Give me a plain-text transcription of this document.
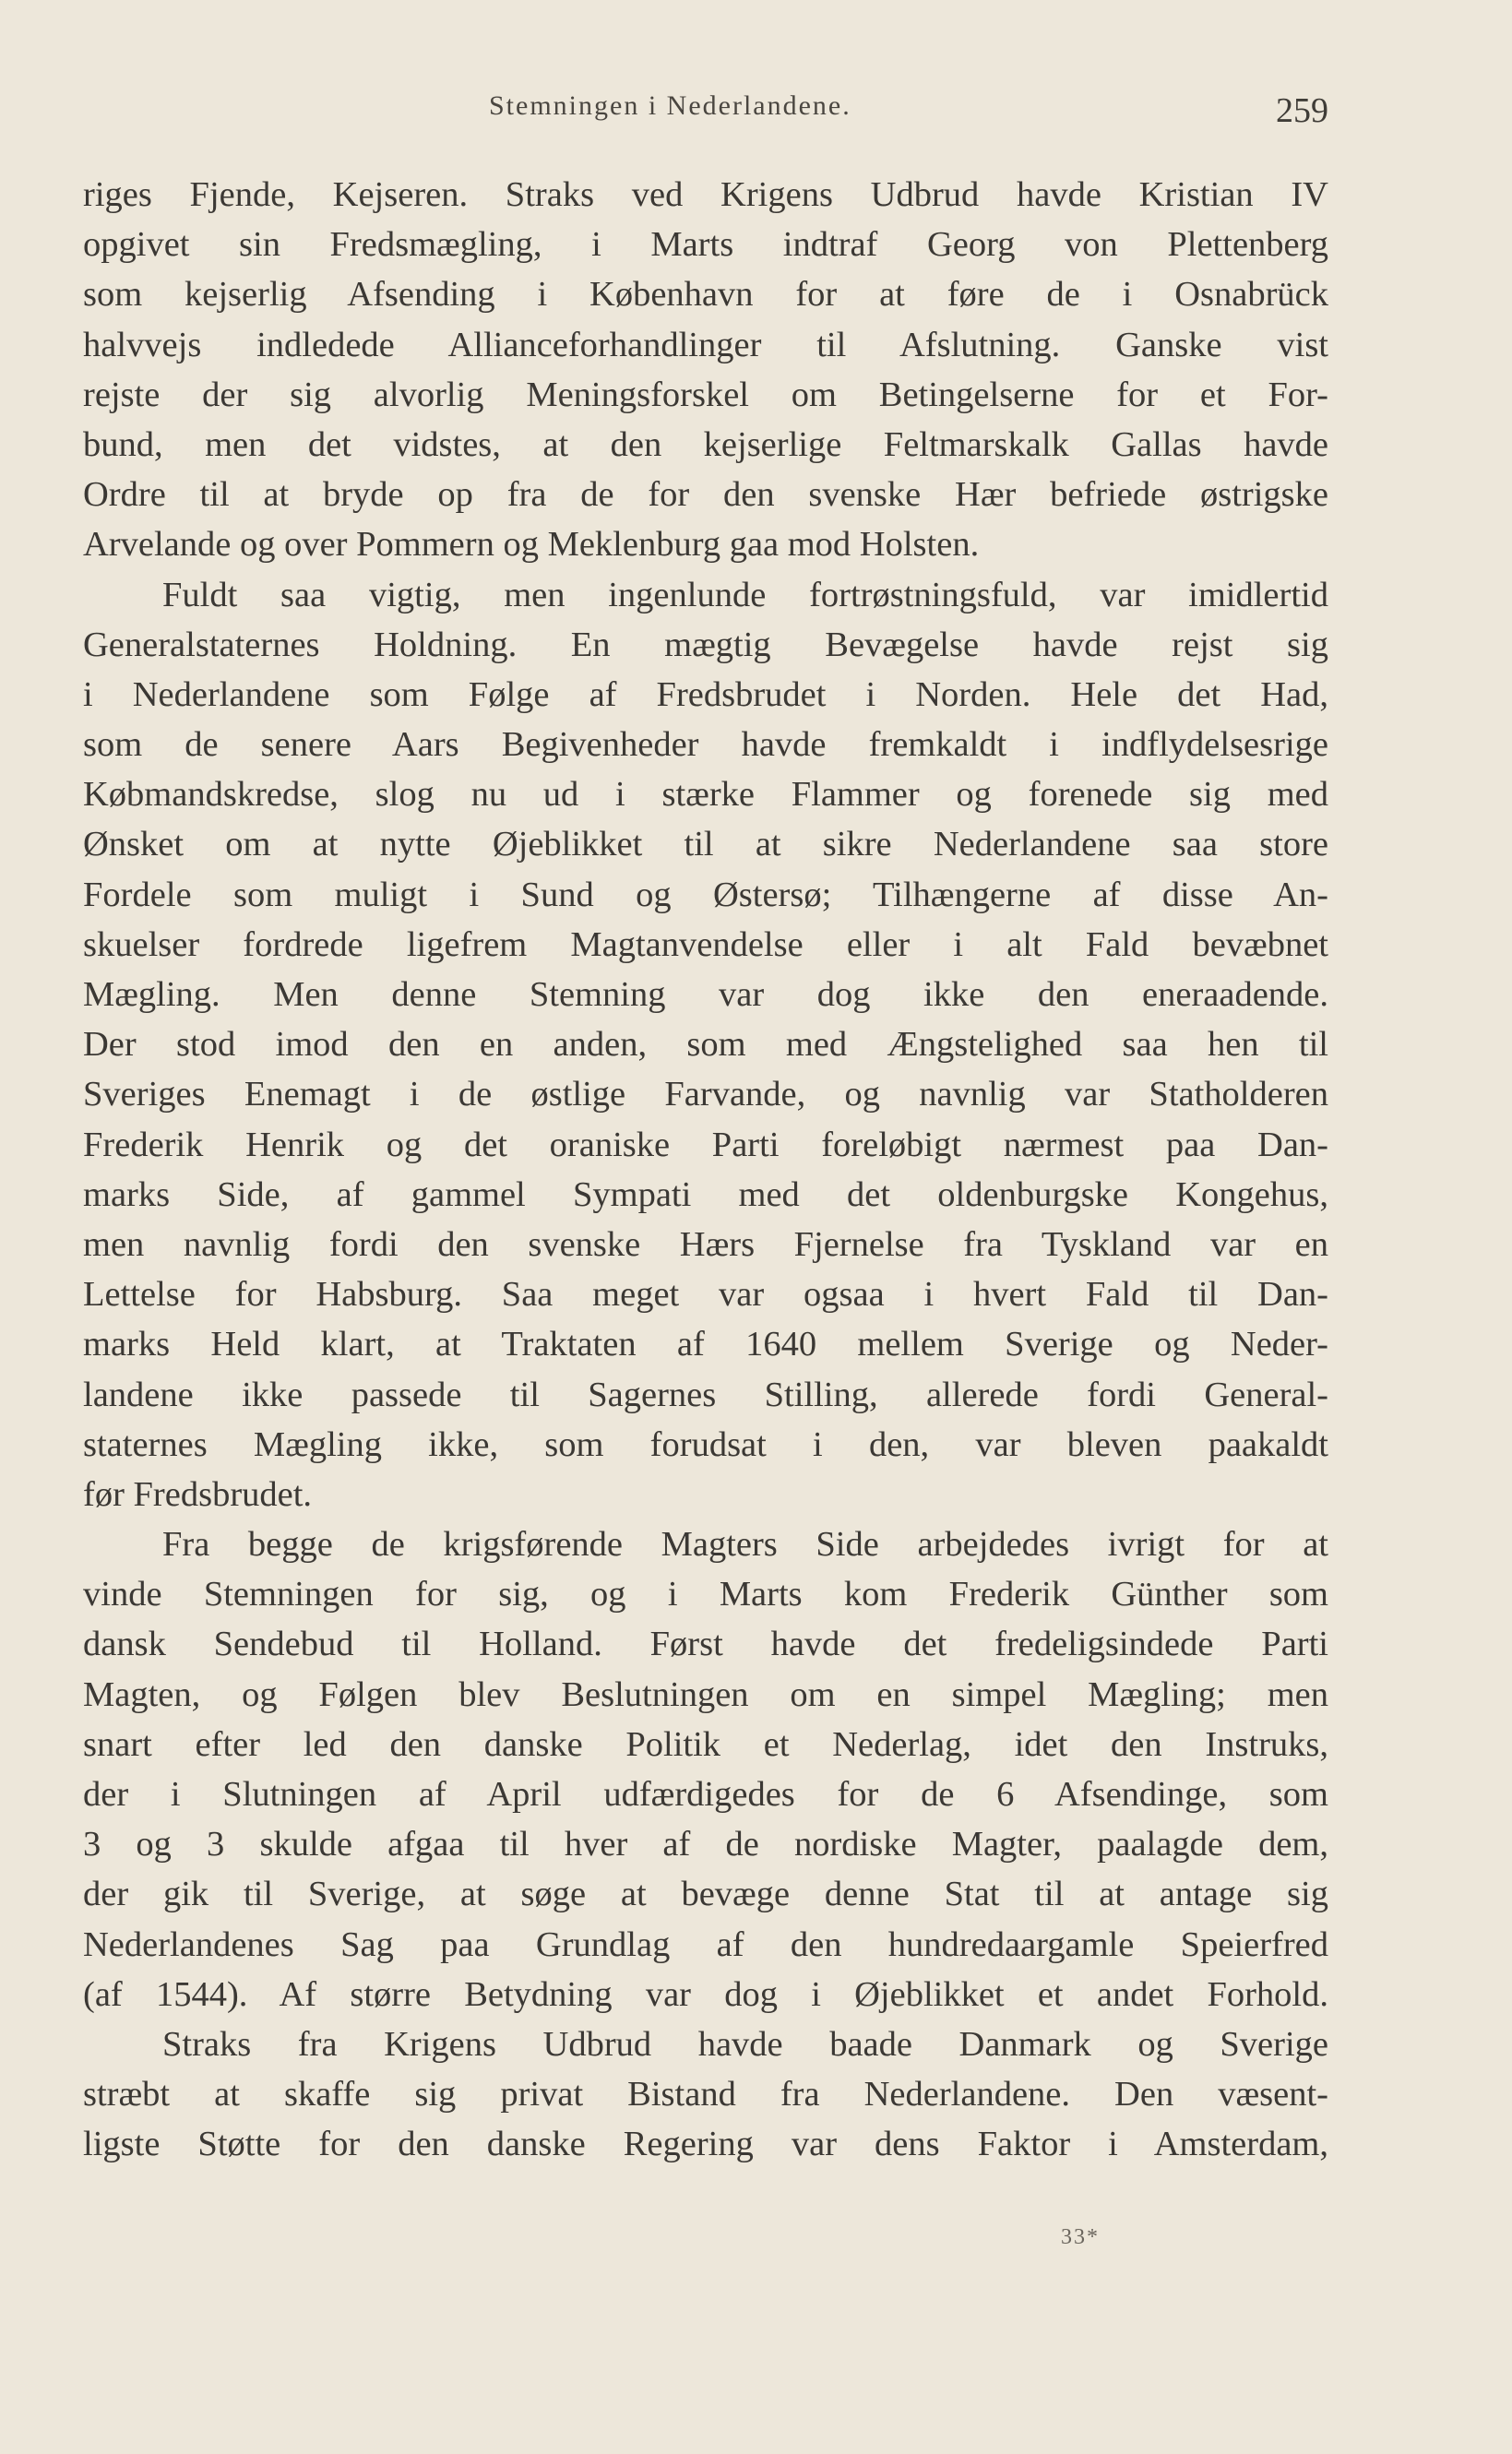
Stemningen i Nederlandene.	259
riges Fjende, Kejseren. Straks ved Krigens Udbrud havde Kristian IV
opgivet sin Fredsmægling, i Marts indtraf Georg von Plettenberg
som kejserlig Afsending i København for at føre de i Osnabrück
halvvejs indledede Allianceforhandlinger til Afslutning. Ganske vist
rejste der sig alvorlig Meningsforskel om Betingelserne for et For-
bund, men det vidstes, at den kejserlige Feltmarskalk Gallas havde
Ordre til at bryde op fra de for den svenske Hær befriede østrigske
Arvelande og over Pommern og Meklenburg gaa mod Holsten.
Fuldt saa vigtig, men ingenlunde fortrøstningsfuld, var imidlertid
Generalstaternes Holdning. En mægtig Bevægelse havde rejst sig
i Nederlandene som Følge af Fredsbrudet i Norden. Hele det Had,
som de senere Aars Begivenheder havde fremkaldt i indflydelsesrige
Købmandskredse, slog nu ud i stærke Flammer og forenede sig med
Ønsket om at nytte Øjeblikket til at sikre Nederlandene saa store
Fordele som muligt i Sund og Østersø; Tilhængerne af disse An-
skuelser fordrede ligefrem Magtanvendelse eller i alt Fald bevæbnet
Mægling. Men denne Stemning var dog ikke den eneraadende.
Der stod imod den en anden, som med Ængstelighed saa hen til
Sveriges Enemagt i de østlige Farvande, og navnlig var Statholderen
Frederik Henrik og det oraniske Parti foreløbigt nærmest paa Dan-
marks Side, af gammel Sympati med det oldenburgske Kongehus,
men navnlig fordi den svenske Hærs Fjernelse fra Tyskland var en
Lettelse for Habsburg. Saa meget var ogsaa i hvert Fald til Dan-
marks Held klart, at Traktaten af 1640 mellem Sverige og Neder-
landene ikke passede til Sagernes Stilling, allerede fordi General-
staternes Mægling ikke, som forudsat i den, var bleven paakaldt
før Fredsbrudet.
Fra begge de krigsførende Magters Side arbejdedes ivrigt for at
vinde Stemningen for sig, og i Marts kom Frederik Günther som
dansk Sendebud til Holland. Først havde det fredeligsindede Parti
Magten, og Følgen blev Beslutningen om en simpel Mægling; men
snart efter led den danske Politik et Nederlag, idet den Instruks,
der i Slutningen af April udfærdigedes for de 6 Afsendinge, som
3 og 3 skulde afgaa til hver af de nordiske Magter, paalagde dem,
der gik til Sverige, at søge at bevæge denne Stat til at antage sig
Nederlandenes Sag paa Grundlag af den hundredaargamle Speierfred
(af 1544). Af større Betydning var dog i Øjeblikket et andet Forhold.
Straks fra Krigens Udbrud havde baade Danmark og Sverige
stræbt at skaffe sig privat Bistand fra Nederlandene. Den væsent-
ligste Støtte for den danske Regering var dens Faktor i Amsterdam,
33*
